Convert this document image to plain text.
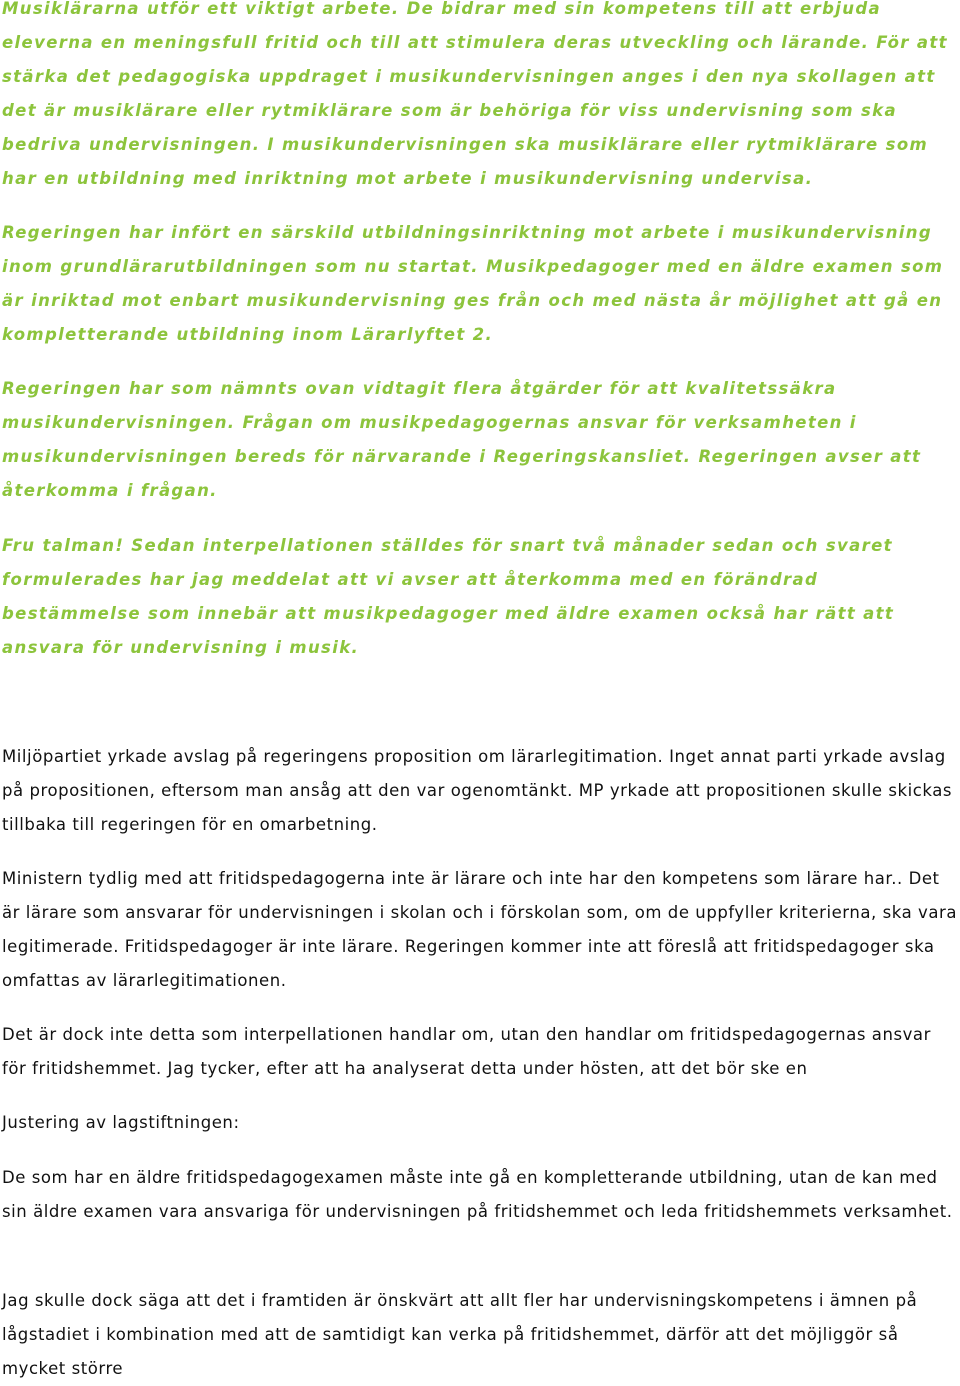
Musiklärarna utför ett viktigt arbete. De bidrar med sin kompetens till att erbjuda eleverna en meningsfull fritid och till att stimulera deras utveckling och lärande. För att stärka det pedagogiska uppdraget i musikundervisningen anges i den nya skollagen att det är musiklärare eller rytmiklärare som är behöriga för viss undervisning som ska bedriva undervisningen. I musikundervisningen ska musiklärare eller rytmiklärare som har en utbildning med inriktning mot arbete i musikundervisning undervisa.

Regeringen har infört en särskild utbildningsinriktning mot arbete i musikundervisning inom grundlärarutbildningen som nu startat. Musikpedagoger med en äldre examen som är inriktad mot enbart musikundervisning ges från och med nästa år möjlighet att gå en kompletterande utbildning inom Lärarlyftet 2.

Regeringen har som nämnts ovan vidtagit flera åtgärder för att kvalitetssäkra musikundervisningen. Frågan om musikpedagogernas ansvar för verksamheten i musikundervisningen bereds för närvarande i Regeringskansliet. Regeringen avser att återkomma i frågan.

Fru talman! Sedan interpellationen ställdes för snart två månader sedan och svaret formulerades har jag meddelat att vi avser att återkomma med en förändrad bestämmelse som innebär att musikpedagoger med äldre examen också har rätt att ansvara för undervisning i musik.

Miljöpartiet yrkade avslag på regeringens proposition om lärarlegitimation. Inget annat parti yrkade avslag på propositionen, eftersom man ansåg att den var ogenomtänkt. MP yrkade att propositionen skulle skickas tillbaka till regeringen för en omarbetning.

Ministern tydlig med att fritidspedagogerna inte är lärare och inte har den kompetens som lärare har.. Det är lärare som ansvarar för undervisningen i skolan och i förskolan som, om de uppfyller kriterierna, ska vara legitimerade. Fritidspedagoger är inte lärare. Regeringen kommer inte att föreslå att fritidspedagoger ska omfattas av lärarlegitimationen.

Det är dock inte detta som interpellationen handlar om, utan den handlar om fritidspedagogernas ansvar för fritidshemmet. Jag tycker, efter att ha analyserat detta under hösten, att det bör ske en

Justering av lagstiftningen:

De som har en äldre fritidspedagogexamen måste inte gå en kompletterande utbildning, utan de kan med sin äldre examen vara ansvariga för undervisningen på fritidshemmet och leda fritidshemmets verksamhet.

Jag skulle dock säga att det i framtiden är önskvärt att allt fler har undervisningskompetens i ämnen på lågstadiet i kombination med att de samtidigt kan verka på fritidshemmet, därför att det möjliggör så mycket större
